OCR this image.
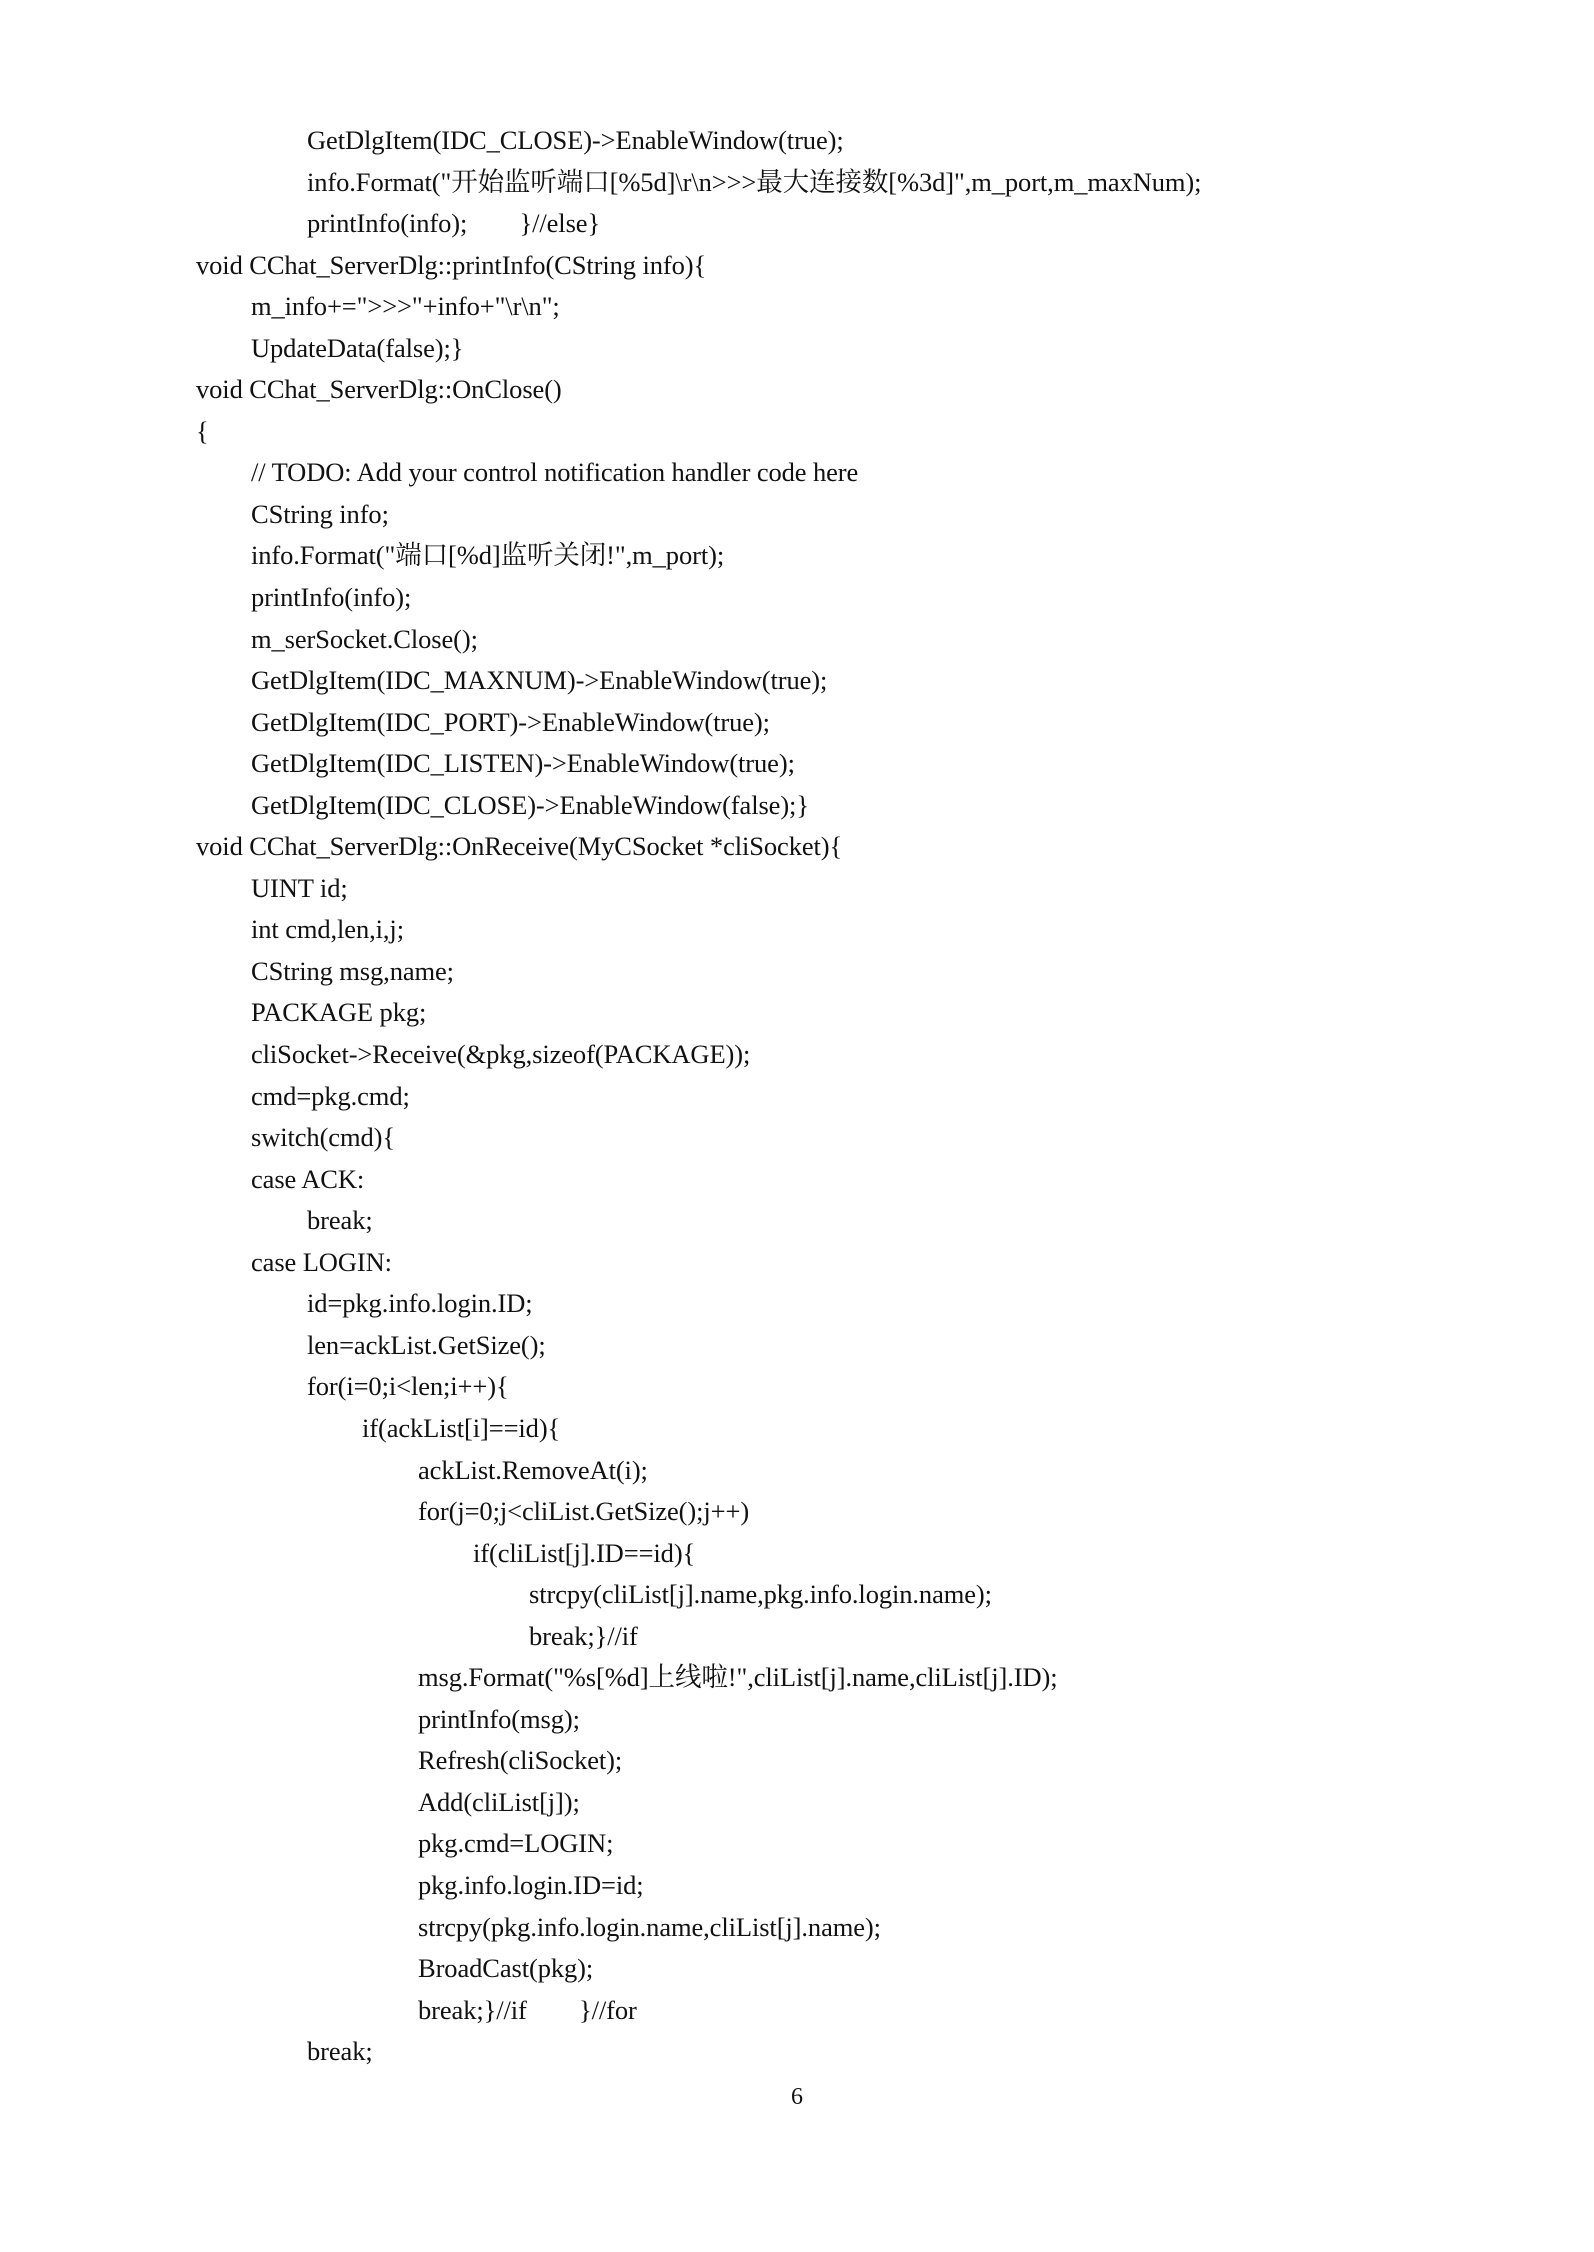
GetDlgItem(IDC_CLOSE)->EnableWindow(true);
info.Format("开始监听端口[%5d]\r\n>>>最大连接数[%3d]",m_port,m_maxNum);
printInfo(info);        }//else}
void CChat_ServerDlg::printInfo(CString info){
m_info+=">>>"+info+"\r\n";
UpdateData(false);}
void CChat_ServerDlg::OnClose()
{
// TODO: Add your control notification handler code here
CString info;
info.Format("端口[%d]监听关闭!",m_port);
printInfo(info);
m_serSocket.Close();
GetDlgItem(IDC_MAXNUM)->EnableWindow(true);
GetDlgItem(IDC_PORT)->EnableWindow(true);
GetDlgItem(IDC_LISTEN)->EnableWindow(true);
GetDlgItem(IDC_CLOSE)->EnableWindow(false);}
void CChat_ServerDlg::OnReceive(MyCSocket *cliSocket){
UINT id;
int cmd,len,i,j;
CString msg,name;
PACKAGE pkg;
cliSocket->Receive(&pkg,sizeof(PACKAGE));
cmd=pkg.cmd;
switch(cmd){
case ACK:
break;
case LOGIN:
id=pkg.info.login.ID;
len=ackList.GetSize();
for(i=0;i<len;i++){
if(ackList[i]==id){
ackList.RemoveAt(i);
for(j=0;j<cliList.GetSize();j++)
if(cliList[j].ID==id){
strcpy(cliList[j].name,pkg.info.login.name);
break;}//if
msg.Format("%s[%d]上线啦!",cliList[j].name,cliList[j].ID);
printInfo(msg);
Refresh(cliSocket);
Add(cliList[j]);
pkg.cmd=LOGIN;
pkg.info.login.ID=id;
strcpy(pkg.info.login.name,cliList[j].name);
BroadCast(pkg);
break;}//if        }//for
break;
6
